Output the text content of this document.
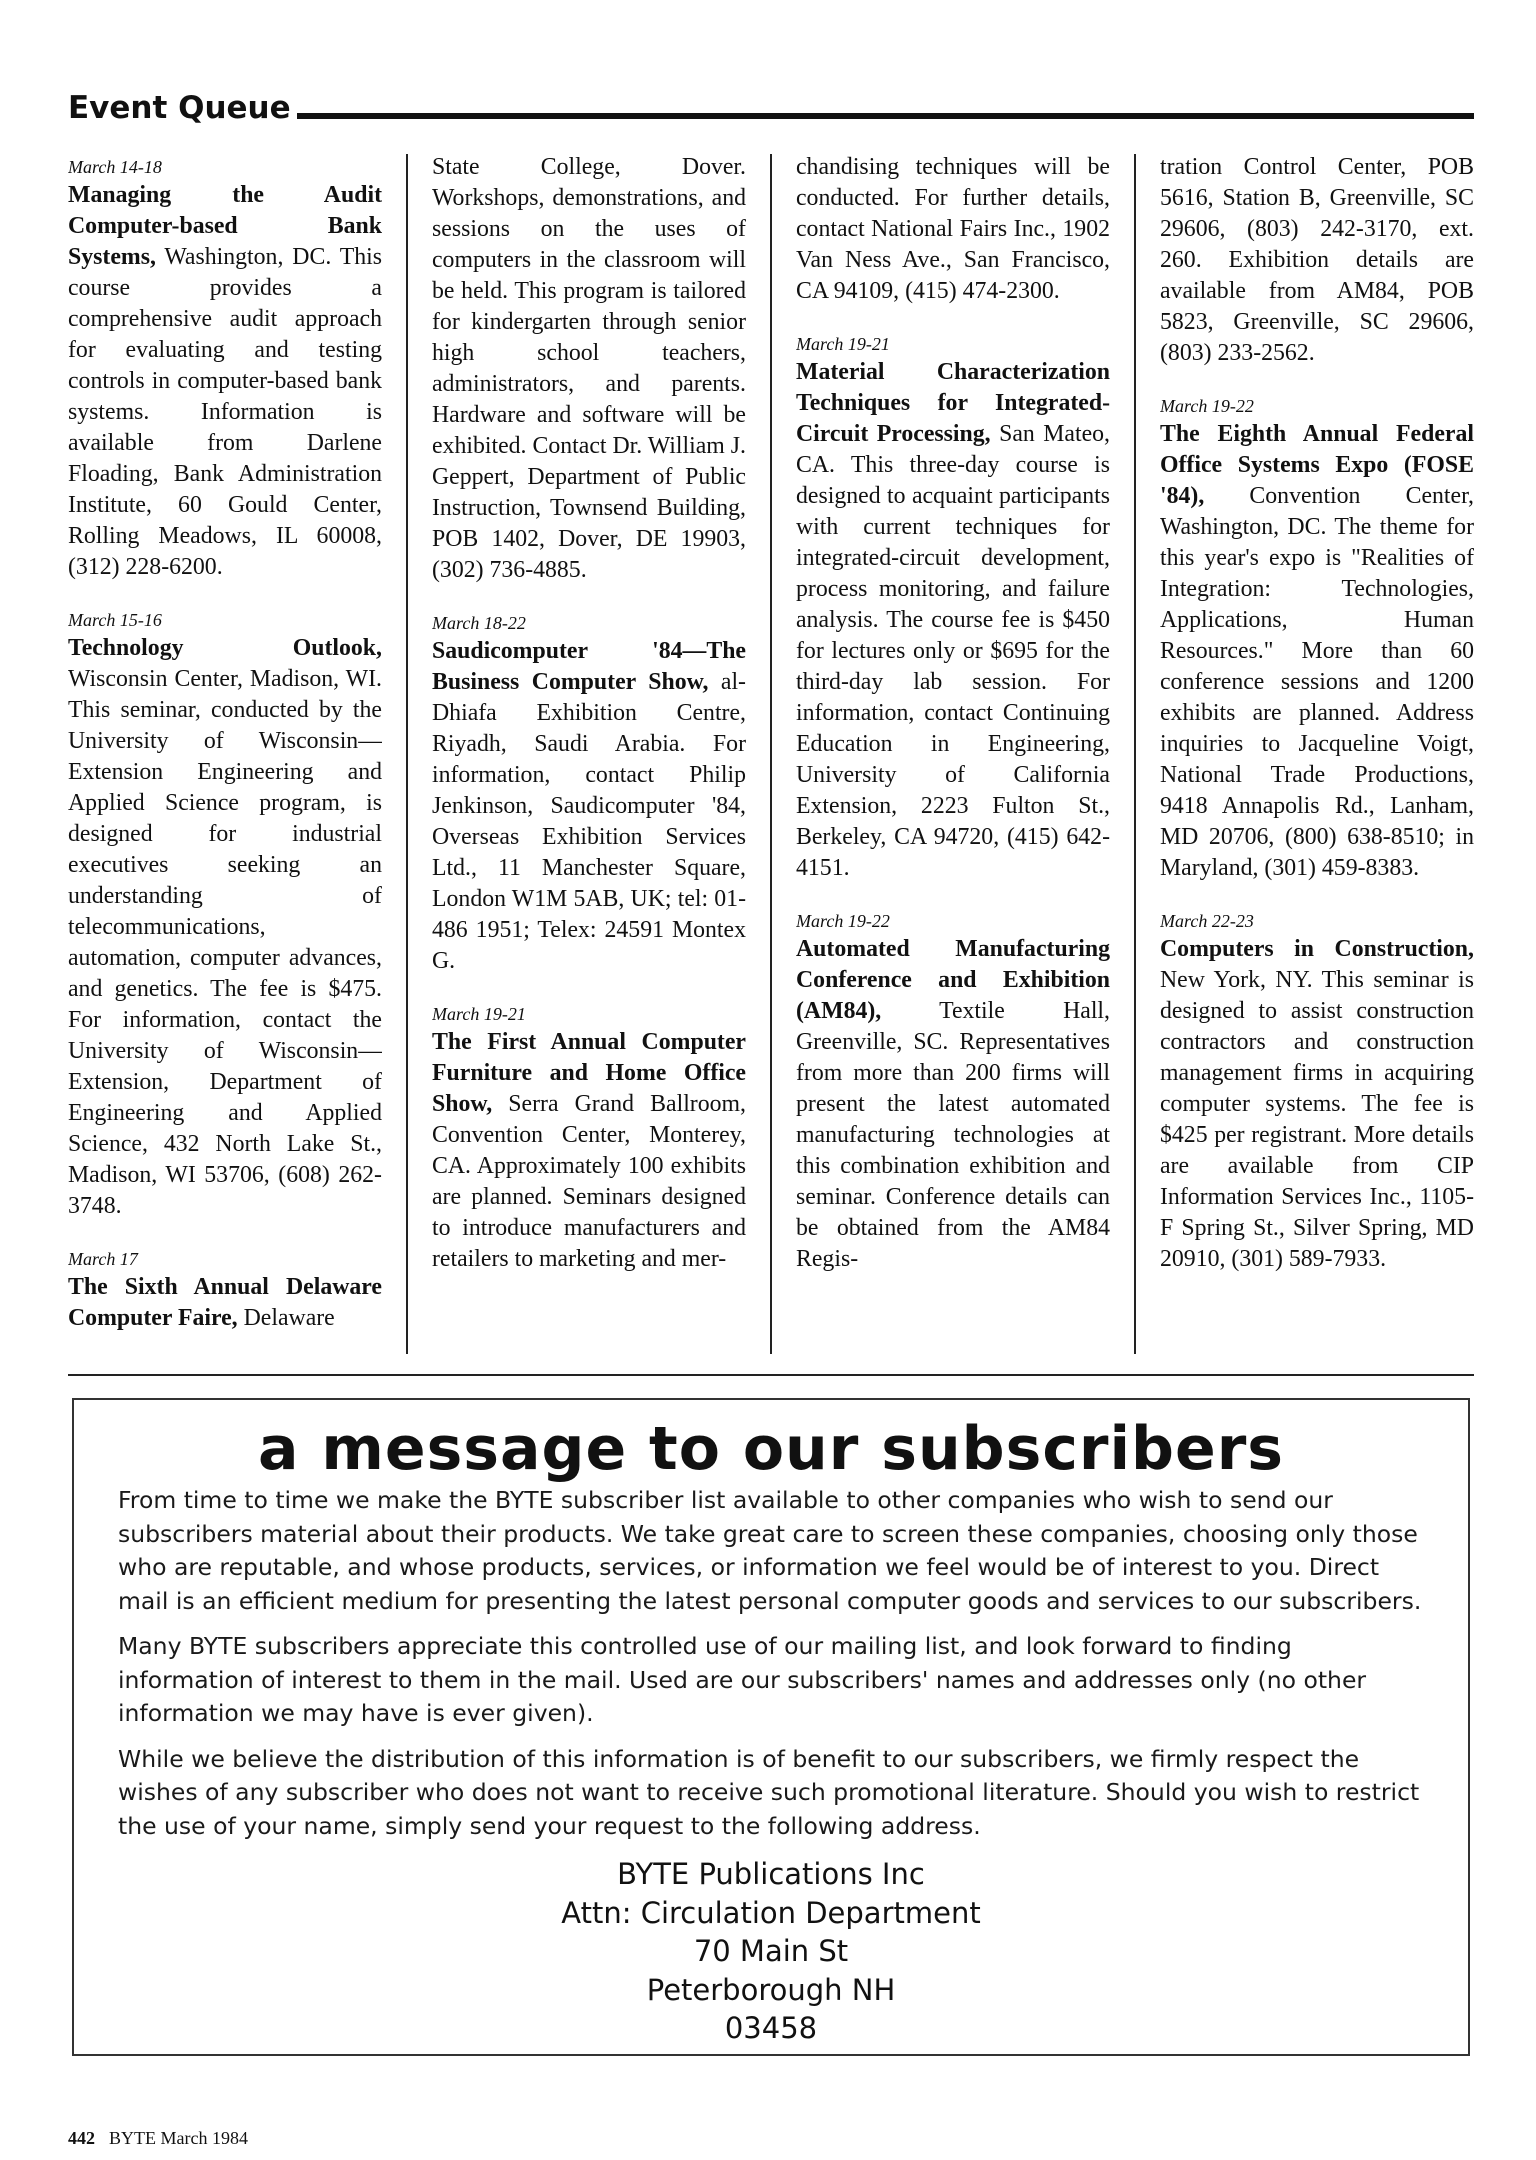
Event Queue
March 14-18
Managing the Audit Computer-based Bank Systems, Washington, DC. This course provides a comprehensive audit approach for evaluating and testing controls in computer-based bank systems. Information is available from Darlene Floading, Bank Administration Institute, 60 Gould Center, Rolling Meadows, IL 60008, (312) 228-6200.
March 15-16
Technology Outlook, Wisconsin Center, Madison, WI. This seminar, conducted by the University of Wisconsin—Extension Engineering and Applied Science program, is designed for industrial executives seeking an understanding of telecommunications, automation, computer advances, and genetics. The fee is $475. For information, contact the University of Wisconsin—Extension, Department of Engineering and Applied Science, 432 North Lake St., Madison, WI 53706, (608) 262-3748.
March 17
The Sixth Annual Delaware Computer Faire, Delaware
State College, Dover. Workshops, demonstrations, and sessions on the uses of computers in the classroom will be held. This program is tailored for kindergarten through senior high school teachers, administrators, and parents. Hardware and software will be exhibited. Contact Dr. William J. Geppert, Department of Public Instruction, Townsend Building, POB 1402, Dover, DE 19903, (302) 736-4885.
March 18-22
Saudicomputer '84—The Business Computer Show, al-Dhiafa Exhibition Centre, Riyadh, Saudi Arabia. For information, contact Philip Jenkinson, Saudicomputer '84, Overseas Exhibition Services Ltd., 11 Manchester Square, London W1M 5AB, UK; tel: 01-486 1951; Telex: 24591 Montex G.
March 19-21
The First Annual Computer Furniture and Home Office Show, Serra Grand Ballroom, Convention Center, Monterey, CA. Approximately 100 exhibits are planned. Seminars designed to introduce manufacturers and retailers to marketing and mer-
chandising techniques will be conducted. For further details, contact National Fairs Inc., 1902 Van Ness Ave., San Francisco, CA 94109, (415) 474-2300.
March 19-21
Material Characterization Techniques for Integrated-Circuit Processing, San Mateo, CA. This three-day course is designed to acquaint participants with current techniques for integrated-circuit development, process monitoring, and failure analysis. The course fee is $450 for lectures only or $695 for the third-day lab session. For information, contact Continuing Education in Engineering, University of California Extension, 2223 Fulton St., Berkeley, CA 94720, (415) 642-4151.
March 19-22
Automated Manufacturing Conference and Exhibition (AM84), Textile Hall, Greenville, SC. Representatives from more than 200 firms will present the latest automated manufacturing technologies at this combination exhibition and seminar. Conference details can be obtained from the AM84 Regis-
tration Control Center, POB 5616, Station B, Greenville, SC 29606, (803) 242-3170, ext. 260. Exhibition details are available from AM84, POB 5823, Greenville, SC 29606, (803) 233-2562.
March 19-22
The Eighth Annual Federal Office Systems Expo (FOSE '84), Convention Center, Washington, DC. The theme for this year's expo is "Realities of Integration: Technologies, Applications, Human Resources." More than 60 conference sessions and 1200 exhibits are planned. Address inquiries to Jacqueline Voigt, National Trade Productions, 9418 Annapolis Rd., Lanham, MD 20706, (800) 638-8510; in Maryland, (301) 459-8383.
March 22-23
Computers in Construction, New York, NY. This seminar is designed to assist construction contractors and construction management firms in acquiring computer systems. The fee is $425 per registrant. More details are available from CIP Information Services Inc., 1105-F Spring St., Silver Spring, MD 20910, (301) 589-7933.
a message to our subscribers

From time to time we make the BYTE subscriber list available to other companies who wish to send our subscribers material about their products. We take great care to screen these companies, choosing only those who are reputable, and whose products, services, or information we feel would be of interest to you. Direct mail is an efficient medium for presenting the latest personal computer goods and services to our subscribers.

Many BYTE subscribers appreciate this controlled use of our mailing list, and look forward to finding information of interest to them in the mail. Used are our subscribers' names and addresses only (no other information we may have is ever given).

While we believe the distribution of this information is of benefit to our subscribers, we firmly respect the wishes of any subscriber who does not want to receive such promotional literature. Should you wish to restrict the use of your name, simply send your request to the following address.

BYTE Publications Inc
Attn: Circulation Department
70 Main St
Peterborough NH
03458
442 BYTE March 1984
